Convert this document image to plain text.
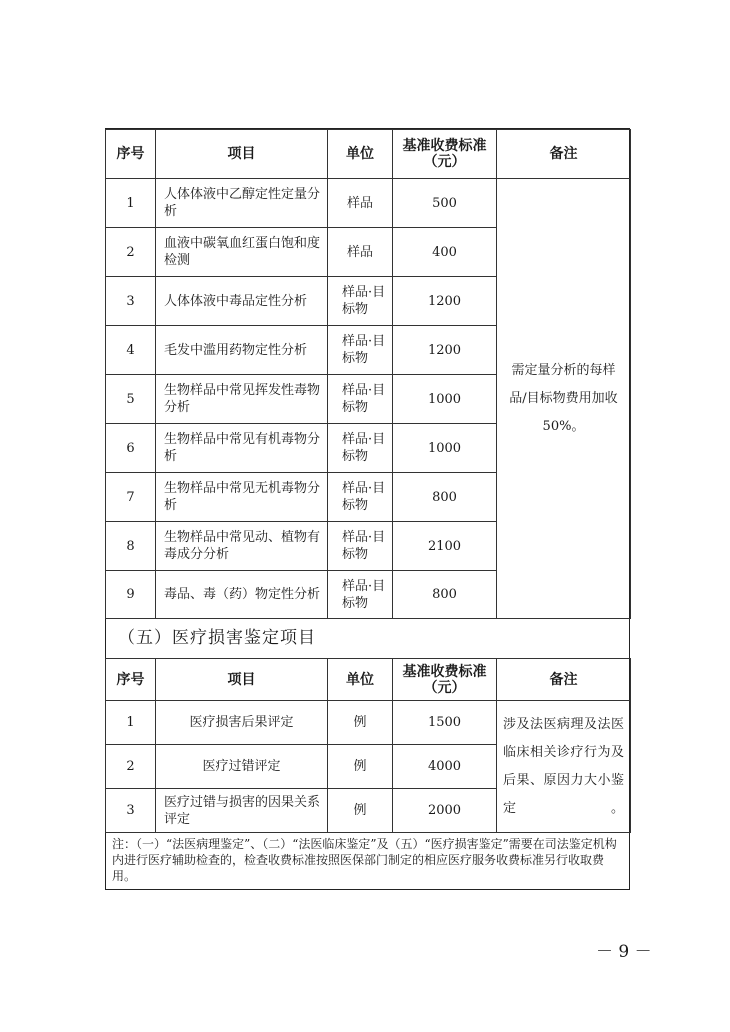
序号	项目	单位	基准收费标准（元）	备注
1	人体体液中乙醇定性定量分析	样品	500	需定量分析的每样品/目标物费用加收50%。
2	血液中碳氧血红蛋白饱和度检测	样品	400	
3	人体体液中毒品定性分析	样品·目标物	1200	
4	毛发中滥用药物定性分析	样品·目标物	1200	
5	生物样品中常见挥发性毒物分析	样品·目标物	1000	
6	生物样品中常见有机毒物分析	样品·目标物	1000	
7	生物样品中常见无机毒物分析	样品·目标物	800	
8	生物样品中常见动、植物有毒成分分析	样品·目标物	2100	
9	毒品、毒（药）物定性分析	样品·目标物	800	
（五）医疗损害鉴定项目
序号	项目	单位	基准收费标准（元）	备注
1	医疗损害后果评定	例	1500	涉及法医病理及法医临床相关诊疗行为及后果、原因力大小鉴定。
2	医疗过错评定	例	4000	
3	医疗过错与损害的因果关系评定	例	2000	
注：（一）“法医病理鉴定”、（二）“法医临床鉴定”及（五）“医疗损害鉴定”需要在司法鉴定机构内进行医疗辅助检查的，检查收费标准按照医保部门制定的相应医疗服务收费标准另行收取费用。
－ 9 －
